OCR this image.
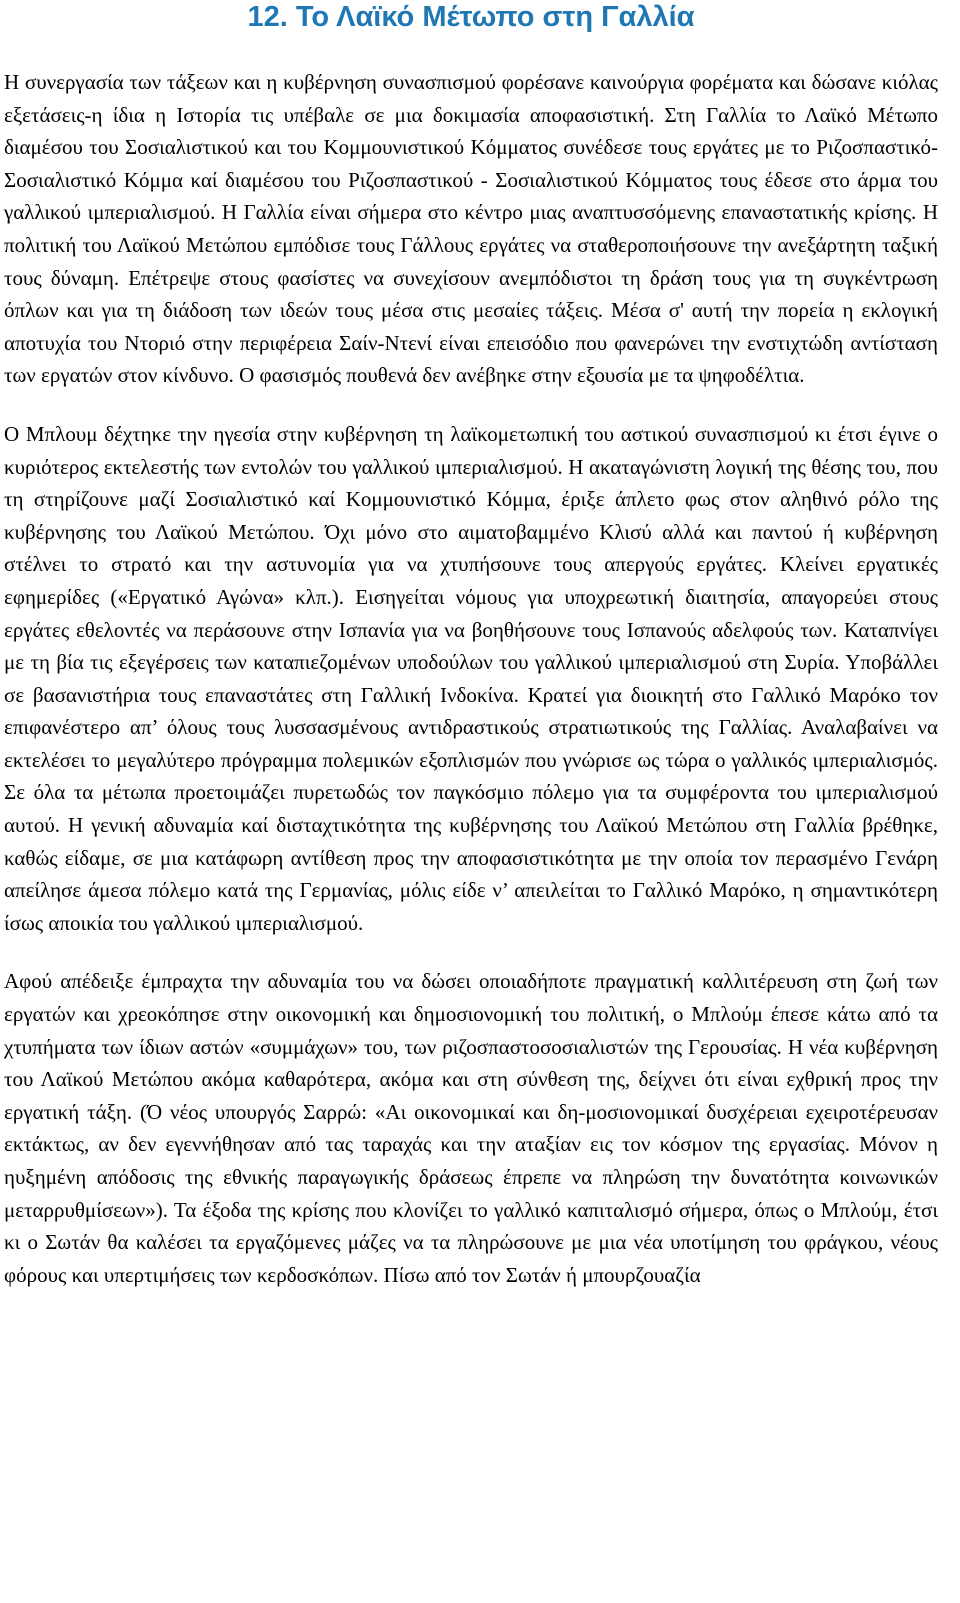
12. Το Λαϊκό Μέτωπο στη Γαλλία

Η συνεργασία των τάξεων και η κυβέρνηση συνασπισμού φορέσανε καινούργια φορέματα και δώσανε κιόλας εξετάσεις-η ίδια η Ιστορία τις υπέβαλε σε μια δοκιμασία αποφασιστική. Στη Γαλλία το Λαϊκό Μέτωπο διαμέσου του Σοσιαλιστικού και του Κομμουνιστικού Κόμματος συνέδεσε τους εργάτες με το Ριζοσπαστικό-Σοσιαλιστικό Κόμμα καί διαμέσου του Ριζοσπαστικού - Σοσιαλιστικού Κόμματος τους έδεσε στο άρμα του γαλλικού ιμπεριαλισμού. Η Γαλλία είναι σήμερα στο κέντρο μιας αναπτυσσόμενης επαναστατικής κρίσης. Η πολιτική του Λαϊκού Μετώπου εμπόδισε τους Γάλλους εργάτες να σταθεροποιήσουνε την ανεξάρτητη ταξική τους δύναμη. Επέτρεψε στους φασίστες να συνεχίσουν ανεμπόδιστοι τη δράση τους για τη συγκέντρωση όπλων και για τη διάδοση των ιδεών τους μέσα στις μεσαίες τάξεις. Μέσα σ' αυτή την πορεία η εκλογική αποτυχία του Ντοριό στην περιφέρεια Σαίν-Ντενί είναι επεισόδιο που φανερώνει την ενστιχτώδη αντίσταση των εργατών στον κίνδυνο. Ο φασισμός πουθενά δεν ανέβηκε στην εξουσία με τα ψηφοδέλτια.

Ο Μπλουμ δέχτηκε την ηγεσία στην κυβέρνηση τη λαϊκομετωπική του αστικού συνασπισμού κι έτσι έγινε ο κυριότερος εκτελεστής των εντολών του γαλλικού ιμπεριαλισμού. Η ακαταγώνιστη λογική της θέσης του, που τη στηρίζουνε μαζί Σοσιαλιστικό καί Κομμουνιστικό Κόμμα, έριξε άπλετο φως στον αληθινό ρόλο της κυβέρνησης του Λαϊκού Μετώπου. Όχι μόνο στο αιματοβαμμένο Κλισύ αλλά και παντού ή κυβέρνηση στέλνει το στρατό και την αστυνομία για να χτυπήσουνε τους απεργούς εργάτες. Κλείνει εργατικές εφημερίδες («Εργατικό Αγώνα» κλπ.). Εισηγείται νόμους για υποχρεωτική διαιτησία, απαγορεύει στους εργάτες εθελοντές να περάσουνε στην Ισπανία για να βοηθήσουνε τους Ισπανούς αδελφούς των. Καταπνίγει με τη βία τις εξεγέρσεις των καταπιεζομένων υποδούλων του γαλλικού ιμπεριαλισμού στη Συρία. Υποβάλλει σε βασανιστήρια τους επαναστάτες στη Γαλλική Ινδοκίνα. Κρατεί για διοικητή στο Γαλλικό Μαρόκο τον επιφανέστερο απ’ όλους τους λυσσασμένους αντιδραστικούς στρατιωτικούς της Γαλλίας. Αναλαβαίνει να εκτελέσει το μεγαλύτερο πρόγραμμα πολεμικών εξοπλισμών που γνώρισε ως τώρα ο γαλλικός ιμπεριαλισμός. Σε όλα τα μέτωπα προετοιμάζει πυρετωδώς τον παγκόσμιο πόλεμο για τα συμφέροντα του ιμπεριαλισμού αυτού. Η γενική αδυναμία καί δισταχτικότητα της κυβέρνησης του Λαϊκού Μετώπου στη Γαλλία βρέθηκε, καθώς είδαμε, σε μια κατάφωρη αντίθεση προς την αποφασιστικότητα με την οποία τον περασμένο Γενάρη απείλησε άμεσα πόλεμο κατά της Γερμανίας, μόλις είδε ν’ απειλείται το Γαλλικό Μαρόκο, η σημαντικότερη ίσως αποικία του γαλλικού ιμπεριαλισμού.

Αφού απέδειξε έμπραχτα την αδυναμία του να δώσει οποιαδήποτε πραγματική καλλιτέρευση στη ζωή των εργατών και χρεοκόπησε στην οικονομική και δημοσιονομική του πολιτική, ο Μπλούμ έπεσε κάτω από τα χτυπήματα των ίδιων αστών «συμμάχων» του, των ριζοσπαστοσοσιαλιστών της Γερουσίας. Η νέα κυβέρνηση του Λαϊκού Μετώπου ακόμα καθαρότερα, ακόμα και στη σύνθεση της, δείχνει ότι είναι εχθρική προς την εργατική τάξη. (Ό νέος υπουργός Σαρρώ: «Αι οικονομικαί και δη-μοσιονομικαί δυσχέρειαι εχειροτέρευσαν εκτάκτως, αν δεν εγεννήθησαν από τας ταραχάς και την αταξίαν εις τον κόσμον της εργασίας. Μόνον η ηυξημένη απόδοσις της εθνικής παραγωγικής δράσεως έπρεπε να πληρώση την δυνατότητα κοινωνικών μεταρρυθμίσεων»). Τα έξοδα της κρίσης που κλονίζει το γαλλικό καπιταλισμό σήμερα, όπως ο Μπλούμ, έτσι κι ο Σωτάν θα καλέσει τα εργαζόμενες μάζες να τα πληρώσουνε με μια νέα υποτίμηση του φράγκου, νέους φόρους και υπερτιμήσεις των κερδοσκόπων. Πίσω από τον Σωτάν ή μπουρζουαζία
